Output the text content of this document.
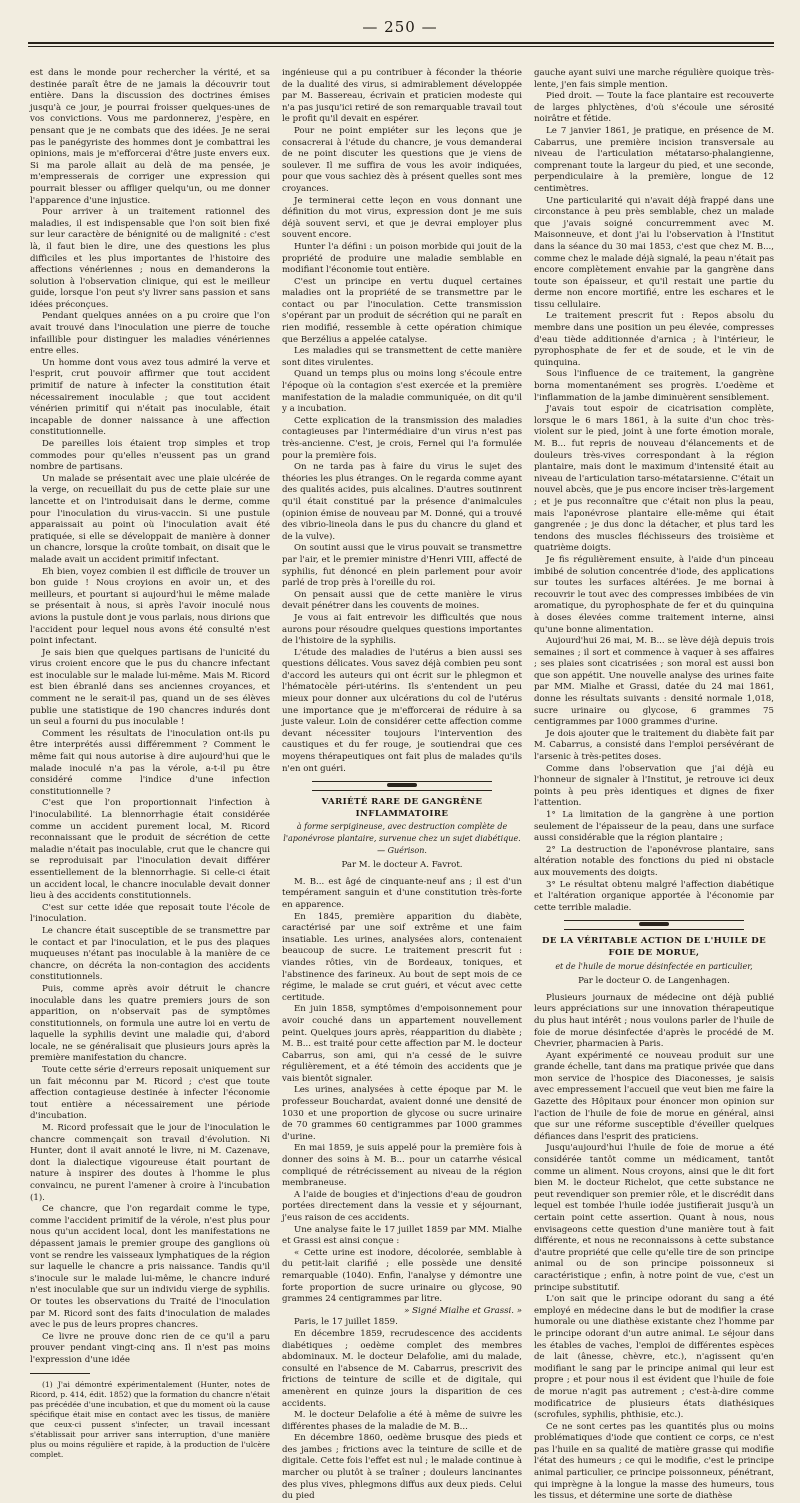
— 250 —

est dans le monde pour rechercher la vérité, et sa destinée paraît être de ne jamais la découvrir tout entière. Dans la discussion des doctrines émises jusqu'à ce jour, je pourrai froisser quelques-unes de vos convictions. Vous me pardonnerez, j'espère, en pensant que je ne combats que des idées. Je ne serai pas le panégyriste des hommes dont je combattrai les opinions, mais je m'efforcerai d'être juste envers eux. Si ma parole allait au delà de ma pensée, je m'empresserais de corriger une expression qui pourrait blesser ou affliger quelqu'un, ou me donner l'apparence d'une injustice.

Pour arriver à un traitement rationnel des maladies, il est indispensable que l'on soit bien fixé sur leur caractère de bénignité ou de malignité : c'est là, il faut bien le dire, une des questions les plus difficiles et les plus importantes de l'histoire des affections vénériennes ; nous en demanderons la solution à l'observation clinique, qui est le meilleur guide, lorsque l'on peut s'y livrer sans passion et sans idées préconçues.

Pendant quelques années on a pu croire que l'on avait trouvé dans l'inoculation une pierre de touche infaillible pour distinguer les maladies vénériennes entre elles.

Un homme dont vous avez tous admiré la verve et l'esprit, crut pouvoir affirmer que tout accident primitif de nature à infecter la constitution était nécessairement inoculable ; que tout accident vénérien primitif qui n'était pas inoculable, était incapable de donner naissance à une affection constitutionnelle.

De pareilles lois étaient trop simples et trop commodes pour qu'elles n'eussent pas un grand nombre de partisans.

Un malade se présentait avec une plaie ulcérée de la verge, on recueillait du pus de cette plaie sur une lancette et on l'introduisait dans le derme, comme pour l'inoculation du virus-vaccin. Si une pustule apparaissait au point où l'inoculation avait été pratiquée, si elle se développait de manière à donner un chancre, lorsque la croûte tombait, on disait que le malade avait un accident primitif infectant.

Eh bien, voyez combien il est difficile de trouver un bon guide ! Nous croyions en avoir un, et des meilleurs, et pourtant si aujourd'hui le même malade se présentait à nous, si après l'avoir inoculé nous avions la pustule dont je vous parlais, nous dirions que l'accident pour lequel nous avons été consulté n'est point infectant.

Je sais bien que quelques partisans de l'unicité du virus croient encore que le pus du chancre infectant est inoculable sur le malade lui-même. Mais M. Ricord est bien ébranlé dans ses anciennes croyances, et comment ne le serait-il pas, quand un de ses élèves publie une statistique de 190 chancres indurés dont un seul a fourni du pus inoculable !

Comment les résultats de l'inoculation ont-ils pu être interprétés aussi différemment ? Comment le même fait qui nous autorise à dire aujourd'hui que le malade inoculé n'a pas la vérole, a-t-il pu être considéré comme l'indice d'une infection constitutionnelle ?

C'est que l'on proportionnait l'infection à l'inoculabilité. La blennorrhagie était considérée comme un accident purement local, M. Ricord reconnaissant que le produit de sécrétion de cette maladie n'était pas inoculable, crut que le chancre qui se reproduisait par l'inoculation devait différer essentiellement de la blennorrhagie. Si celle-ci était un accident local, le chancre inoculable devait donner lieu à des accidents constitutionnels.

C'est sur cette idée que reposait toute l'école de l'inoculation.

Le chancre était susceptible de se transmettre par le contact et par l'inoculation, et le pus des plaques muqueuses n'étant pas inoculable à la manière de ce chancre, on décréta la non-contagion des accidents constitutionnels.

Puis, comme après avoir détruit le chancre inoculable dans les quatre premiers jours de son apparition, on n'observait pas de symptômes constitutionnels, on formula une autre loi en vertu de laquelle la syphilis devint une maladie qui, d'abord locale, ne se généralisait que plusieurs jours après la première manifestation du chancre.

Toute cette série d'erreurs reposait uniquement sur un fait méconnu par M. Ricord ; c'est que toute affection contagieuse destinée à infecter l'économie tout entière a nécessairement une période d'incubation.

M. Ricord professait que le jour de l'inoculation le chancre commençait son travail d'évolution. Ni Hunter, dont il avait annoté le livre, ni M. Cazenave, dont la dialectique vigoureuse était pourtant de nature à inspirer des doutes à l'homme le plus convaincu, ne purent l'amener à croire à l'incubation (1).

Ce chancre, que l'on regardait comme le type, comme l'accident primitif de la vérole, n'est plus pour nous qu'un accident local, dont les manifestations ne dépassent jamais le premier groupe des ganglions où vont se rendre les vaisseaux lymphatiques de la région sur laquelle le chancre a pris naissance. Tandis qu'il s'inocule sur le malade lui-même, le chancre induré n'est inoculable que sur un individu vierge de syphilis. Or toutes les observations du Traité de l'inoculation par M. Ricord sont des faits d'inoculation de malades avec le pus de leurs propres chancres.

Ce livre ne prouve donc rien de ce qu'il a paru prouver pendant vingt-cinq ans. Il n'est pas moins l'expression d'une idée

(1) J'ai démontré expérimentalement (Hunter, notes de Ricord, p. 414, édit. 1852) que la formation du chancre n'était pas précédée d'une incubation, et que du moment où la cause spécifique était mise en contact avec les tissus, de manière que ceux-ci pussent s'infecter, un travail incessant s'établissait pour arriver sans interruption, d'une manière plus ou moins régulière et rapide, à la production de l'ulcère complet.

ingénieuse qui a pu contribuer à féconder la théorie de la dualité des virus, si admirablement développée par M. Bassereau, écrivain et praticien modeste qui n'a pas jusqu'ici retiré de son remarquable travail tout le profit qu'il devait en espérer.

Pour ne point empiéter sur les leçons que je consacrerai à l'étude du chancre, je vous demanderai de ne point discuter les questions que je viens de soulever. Il me suffira de vous les avoir indiquées, pour que vous sachiez dès à présent quelles sont mes croyances.

Je terminerai cette leçon en vous donnant une définition du mot virus, expression dont je me suis déjà souvent servi, et que je devrai employer plus souvent encore.

Hunter l'a défini : un poison morbide qui jouit de la propriété de produire une maladie semblable en modifiant l'économie tout entière.

C'est un principe en vertu duquel certaines maladies ont la propriété de se transmettre par le contact ou par l'inoculation. Cette transmission s'opérant par un produit de sécrétion qui ne paraît en rien modifié, ressemble à cette opération chimique que Berzélius a appelée catalyse.

Les maladies qui se transmettent de cette manière sont dites virulentes.

Quand un temps plus ou moins long s'écoule entre l'époque où la contagion s'est exercée et la première manifestation de la maladie communiquée, on dit qu'il y a incubation.

Cette explication de la transmission des maladies contagieuses par l'intermédiaire d'un virus n'est pas très-ancienne. C'est, je crois, Fernel qui l'a formulée pour la première fois.

On ne tarda pas à faire du virus le sujet des théories les plus étranges. On le regarda comme ayant des qualités acides, puis alcalines. D'autres soutinrent qu'il était constitué par la présence d'animalcules (opinion émise de nouveau par M. Donné, qui a trouvé des vibrio-lineola dans le pus du chancre du gland et de la vulve).

On soutint aussi que le virus pouvait se transmettre par l'air, et le premier ministre d'Henri VIII, affecté de syphilis, fut dénoncé en plein parlement pour avoir parlé de trop près à l'oreille du roi.

On pensait aussi que de cette manière le virus devait pénétrer dans les couvents de moines.

Je vous ai fait entrevoir les difficultés que nous aurons pour résoudre quelques questions importantes de l'histoire de la syphilis.

L'étude des maladies de l'utérus a bien aussi ses questions délicates. Vous savez déjà combien peu sont d'accord les auteurs qui ont écrit sur le phlegmon et l'hématocèle péri-utérins. Ils s'entendent un peu mieux pour donner aux ulcérations du col de l'utérus une importance que je m'efforcerai de réduire à sa juste valeur. Loin de considérer cette affection comme devant nécessiter toujours l'intervention des caustiques et du fer rouge, je soutiendrai que ces moyens thérapeutiques ont fait plus de malades qu'ils n'en ont guéri.

VARIÉTÉ RARE DE GANGRÈNE INFLAMMATOIRE
à forme serpigineuse, avec destruction complète de l'aponévrose plantaire, survenue chez un sujet diabétique. — Guérison.
Par M. le docteur A. Favrot.

M. B... est âgé de cinquante-neuf ans ; il est d'un tempérament sanguin et d'une constitution très-forte en apparence.

En 1845, première apparition du diabète, caractérisé par une soif extrême et une faim insatiable. Les urines, analysées alors, contenaient beaucoup de sucre. Le traitement prescrit fut : viandes rôties, vin de Bordeaux, toniques, et l'abstinence des farineux. Au bout de sept mois de ce régime, le malade se crut guéri, et vécut avec cette certitude.

En juin 1858, symptômes d'empoisonnement pour avoir couché dans un appartement nouvellement peint. Quelques jours après, réapparition du diabète ; M. B... est traité pour cette affection par M. le docteur Cabarrus, son ami, qui n'a cessé de le suivre régulièrement, et a été témoin des accidents que je vais bientôt signaler.

Les urines, analysées à cette époque par M. le professeur Bouchardat, avaient donné une densité de 1030 et une proportion de glycose ou sucre urinaire de 70 grammes 60 centigrammes par 1000 grammes d'urine.

En mai 1859, je suis appelé pour la première fois à donner des soins à M. B... pour un catarrhe vésical compliqué de rétrécissement au niveau de la région membraneuse.

A l'aide de bougies et d'injections d'eau de goudron portées directement dans la vessie et y séjournant, j'eus raison de ces accidents.

Une analyse faite le 17 juillet 1859 par MM. Mialhe et Grassi est ainsi conçue :

« Cette urine est inodore, décolorée, semblable à du petit-lait clarifié ; elle possède une densité remarquable (1040). Enfin, l'analyse y démontre une forte proportion de sucre urinaire ou glycose, 90 grammes 24 centigrammes par litre.

» Signé Mialhe et Grassi. »

Paris, le 17 juillet 1859.

En décembre 1859, recrudescence des accidents diabétiques ; oedème complet des membres abdominaux. M. le docteur Delafolie, ami du malade, consulté en l'absence de M. Cabarrus, prescrivit des frictions de teinture de scille et de digitale, qui amenèrent en quinze jours la disparition de ces accidents.

M. le docteur Delafolie a été à même de suivre les différentes phases de la maladie de M. B...

En décembre 1860, oedème brusque des pieds et des jambes ; frictions avec la teinture de scille et de digitale. Cette fois l'effet est nul ; le malade continue à marcher ou plutôt à se traîner ; douleurs lancinantes des plus vives, phlegmons diffus aux deux pieds. Celui du pied

gauche ayant suivi une marche régulière quoique très-lente, j'en fais simple mention.

Pied droit. — Toute la face plantaire est recouverte de larges phlyctènes, d'où s'écoule une sérosité noirâtre et fétide.

Le 7 janvier 1861, je pratique, en présence de M. Cabarrus, une première incision transversale au niveau de l'articulation métatarso-phalangienne, comprenant toute la largeur du pied, et une seconde, perpendiculaire à la première, longue de 12 centimètres.

Une particularité qui n'avait déjà frappé dans une circonstance à peu près semblable, chez un malade que j'avais soigné concurremment avec M. Maisonneuve, et dont j'ai lu l'observation à l'Institut dans la séance du 30 mai 1853, c'est que chez M. B..., comme chez le malade déjà signalé, la peau n'était pas encore complètement envahie par la gangrène dans toute son épaisseur, et qu'il restait une partie du derme non encore mortifié, entre les eschares et le tissu cellulaire.

Le traitement prescrit fut : Repos absolu du membre dans une position un peu élevée, compresses d'eau tiède additionnée d'arnica ; à l'intérieur, le pyrophosphate de fer et de soude, et le vin de quinquina.

Sous l'influence de ce traitement, la gangrène borna momentanément ses progrès. L'oedème et l'inflammation de la jambe diminuèrent sensiblement.

J'avais tout espoir de cicatrisation complète, lorsque le 6 mars 1861, à la suite d'un choc très-violent sur le pied, joint à une forte émotion morale, M. B... fut repris de nouveau d'élancements et de douleurs très-vives correspondant à la région plantaire, mais dont le maximum d'intensité était au niveau de l'articulation tarso-métatarsienne. C'était un nouvel abcès, que je pus encore inciser très-largement ; et je pus reconnaître que c'était non plus la peau, mais l'aponévrose plantaire elle-même qui était gangrenée ; je dus donc la détacher, et plus tard les tendons des muscles fléchisseurs des troisième et quatrième doigts.

Je fis régulièrement ensuite, à l'aide d'un pinceau imbibé de solution concentrée d'iode, des applications sur toutes les surfaces altérées. Je me bornai à recouvrir le tout avec des compresses imbibées de vin aromatique, du pyrophosphate de fer et du quinquina à doses élevées comme traitement interne, ainsi qu'une bonne alimentation.

Aujourd'hui 26 mai, M. B... se lève déjà depuis trois semaines ; il sort et commence à vaquer à ses affaires ; ses plaies sont cicatrisées ; son moral est aussi bon que son appétit. Une nouvelle analyse des urines faite par MM. Mialhe et Grassi, datée du 24 mai 1861, donne les résultats suivants : densité normale 1,018, sucre urinaire ou glycose, 6 grammes 75 centigrammes par 1000 grammes d'urine.

Je dois ajouter que le traitement du diabète fait par M. Cabarrus, a consisté dans l'emploi persévérant de l'arsenic à très-petites doses.

Comme dans l'observation que j'ai déjà eu l'honneur de signaler à l'Institut, je retrouve ici deux points à peu près identiques et dignes de fixer l'attention.

1° La limitation de la gangrène à une portion seulement de l'épaisseur de la peau, dans une surface aussi considérable que la région plantaire ;

2° La destruction de l'aponévrose plantaire, sans altération notable des fonctions du pied ni obstacle aux mouvements des doigts.

3° Le résultat obtenu malgré l'affection diabétique et l'altération organique apportée à l'économie par cette terrible maladie.

DE LA VÉRITABLE ACTION DE L'HUILE DE FOIE DE MORUE,
et de l'huile de morue désinfectée en particulier,
Par le docteur O. de Langenhagen.

Plusieurs journaux de médecine ont déjà publié leurs appréciations sur une innovation thérapeutique du plus haut intérêt ; nous voulons parler de l'huile de foie de morue désinfectée d'après le procédé de M. Chevrier, pharmacien à Paris.

Ayant expérimenté ce nouveau produit sur une grande échelle, tant dans ma pratique privée que dans mon service de l'hospice des Diaconesses, je saisis avec empressement l'accueil que veut bien me faire la Gazette des Hôpitaux pour énoncer mon opinion sur l'action de l'huile de foie de morue en général, ainsi que sur une réforme susceptible d'éveiller quelques défiances dans l'esprit des praticiens.

Jusqu'aujourd'hui l'huile de foie de morue a été considérée tantôt comme un médicament, tantôt comme un aliment. Nous croyons, ainsi que le dit fort bien M. le docteur Richelot, que cette substance ne peut revendiquer son premier rôle, et le discrédit dans lequel est tombée l'huile iodée justifierait jusqu'à un certain point cette assertion. Quant à nous, nous envisageons cette question d'une manière tout à fait différente, et nous ne reconnaissons à cette substance d'autre propriété que celle qu'elle tire de son principe animal ou de son principe poissonneux si caractéristique ; enfin, à notre point de vue, c'est un principe substitutif.

L'on sait que le principe odorant du sang a été employé en médecine dans le but de modifier la crase humorale ou une diathèse existante chez l'homme par le principe odorant d'un autre animal. Le séjour dans les étables de vaches, l'emploi de différentes espèces de lait (ânesse, chèvre, etc.), n'agissent qu'en modifiant le sang par le principe animal qui leur est propre ; et pour nous il est évident que l'huile de foie de morue n'agit pas autrement ; c'est-à-dire comme modificatrice de plusieurs états diathésiques (scrofules, syphilis, phthisie, etc.).

Ce ne sont certes pas les quantités plus ou moins problématiques d'iode que contient ce corps, ce n'est pas l'huile en sa qualité de matière grasse qui modifie l'état des humeurs ; ce qui le modifie, c'est le principe animal particulier, ce principe poissonneux, pénétrant, qui imprègne à la longue la masse des humeurs, tous les tissus, et détermine une sorte de diathèse
